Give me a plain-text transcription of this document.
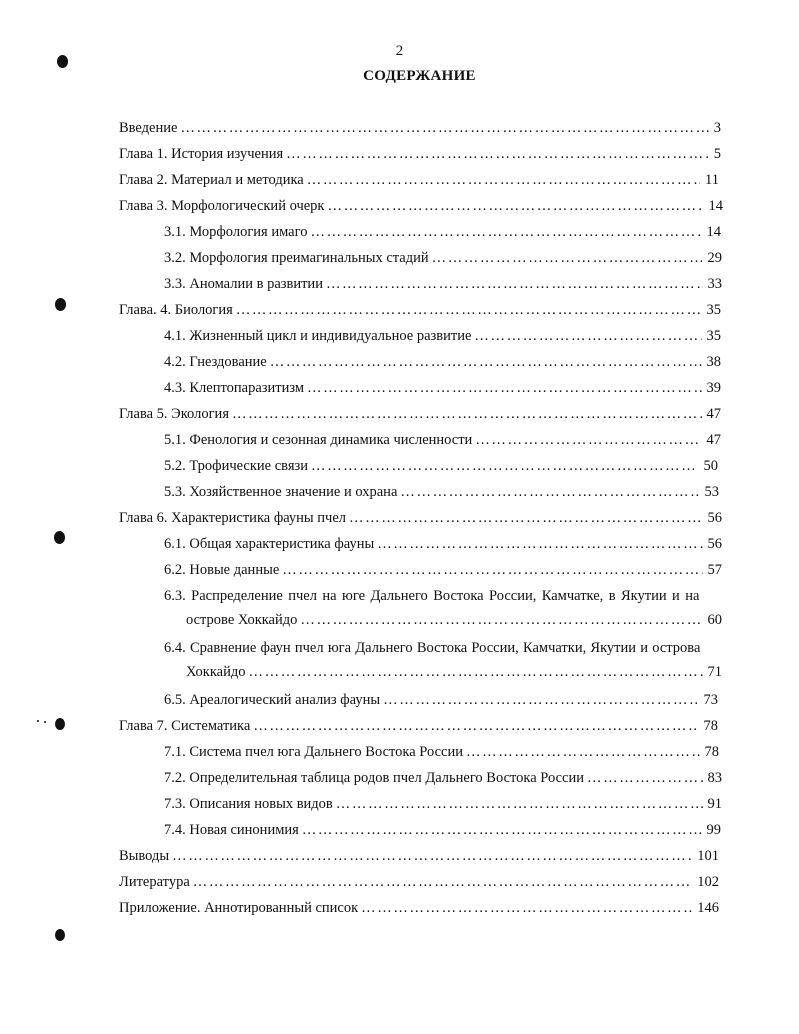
2
СОДЕРЖАНИЕ
Введение ………………………………………………………………………………………………………………………………………………………………………………………………	3
Глава 1. История изучения ………………………………………………………………………………………………………………………………………………………………………………………………	5
Глава 2. Материал и методика ………………………………………………………………………………………………………………………………………………………………………………………………	11
Глава 3. Морфологический очерк ………………………………………………………………………………………………………………………………………………………………………………………………	14
3.1. Морфология имаго ………………………………………………………………………………………………………………………………………………………………………………………………	14
3.2. Морфология преимагинальных стадий ………………………………………………………………………………………………………………………………………………………………………………………………	29
3.3. Аномалии в развитии ………………………………………………………………………………………………………………………………………………………………………………………………	33
Глава. 4. Биология ………………………………………………………………………………………………………………………………………………………………………………………………	35
4.1. Жизненный цикл и индивидуальное развитие ………………………………………………………………………………………………………………………………………………………………………………………………	35
4.2. Гнездование ………………………………………………………………………………………………………………………………………………………………………………………………	38
4.3. Клептопаразитизм ………………………………………………………………………………………………………………………………………………………………………………………………	39
Глава 5. Экология ………………………………………………………………………………………………………………………………………………………………………………………………	47
5.1. Фенология и сезонная динамика численности ………………………………………………………………………………………………………………………………………………………………………………………………	47
5.2. Трофические связи ………………………………………………………………………………………………………………………………………………………………………………………………	50
5.3. Хозяйственное значение и охрана ………………………………………………………………………………………………………………………………………………………………………………………………	53
Глава 6. Характеристика фауны пчел ………………………………………………………………………………………………………………………………………………………………………………………………	56
6.1. Общая характеристика фауны ………………………………………………………………………………………………………………………………………………………………………………………………	56
6.2. Новые данные ………………………………………………………………………………………………………………………………………………………………………………………………	57
6.3. Распределение пчел на юге Дальнего Востока России, Камчатке, в Якутии и на
острове Хоккайдо ………………………………………………………………………………………………………………………………………………………………………………………………	60
6.4. Сравнение фаун пчел юга Дальнего Востока России, Камчатки, Якутии и острова
Хоккайдо ………………………………………………………………………………………………………………………………………………………………………………………………	71
6.5. Ареалогический анализ фауны ………………………………………………………………………………………………………………………………………………………………………………………………	73
Глава 7. Систематика ………………………………………………………………………………………………………………………………………………………………………………………………	78
7.1. Система пчел юга Дальнего Востока России ………………………………………………………………………………………………………………………………………………………………………………………………	78
7.2. Определительная таблица родов пчел Дальнего Востока России ………………………………………………………………………………………………………………………………………………………………………………………………	83
7.3. Описания новых видов ………………………………………………………………………………………………………………………………………………………………………………………………	91
7.4. Новая синонимия ………………………………………………………………………………………………………………………………………………………………………………………………	99
Выводы ………………………………………………………………………………………………………………………………………………………………………………………………	101
Литература ………………………………………………………………………………………………………………………………………………………………………………………………	102
Приложение. Аннотированный список ………………………………………………………………………………………………………………………………………………………………………………………………	146
